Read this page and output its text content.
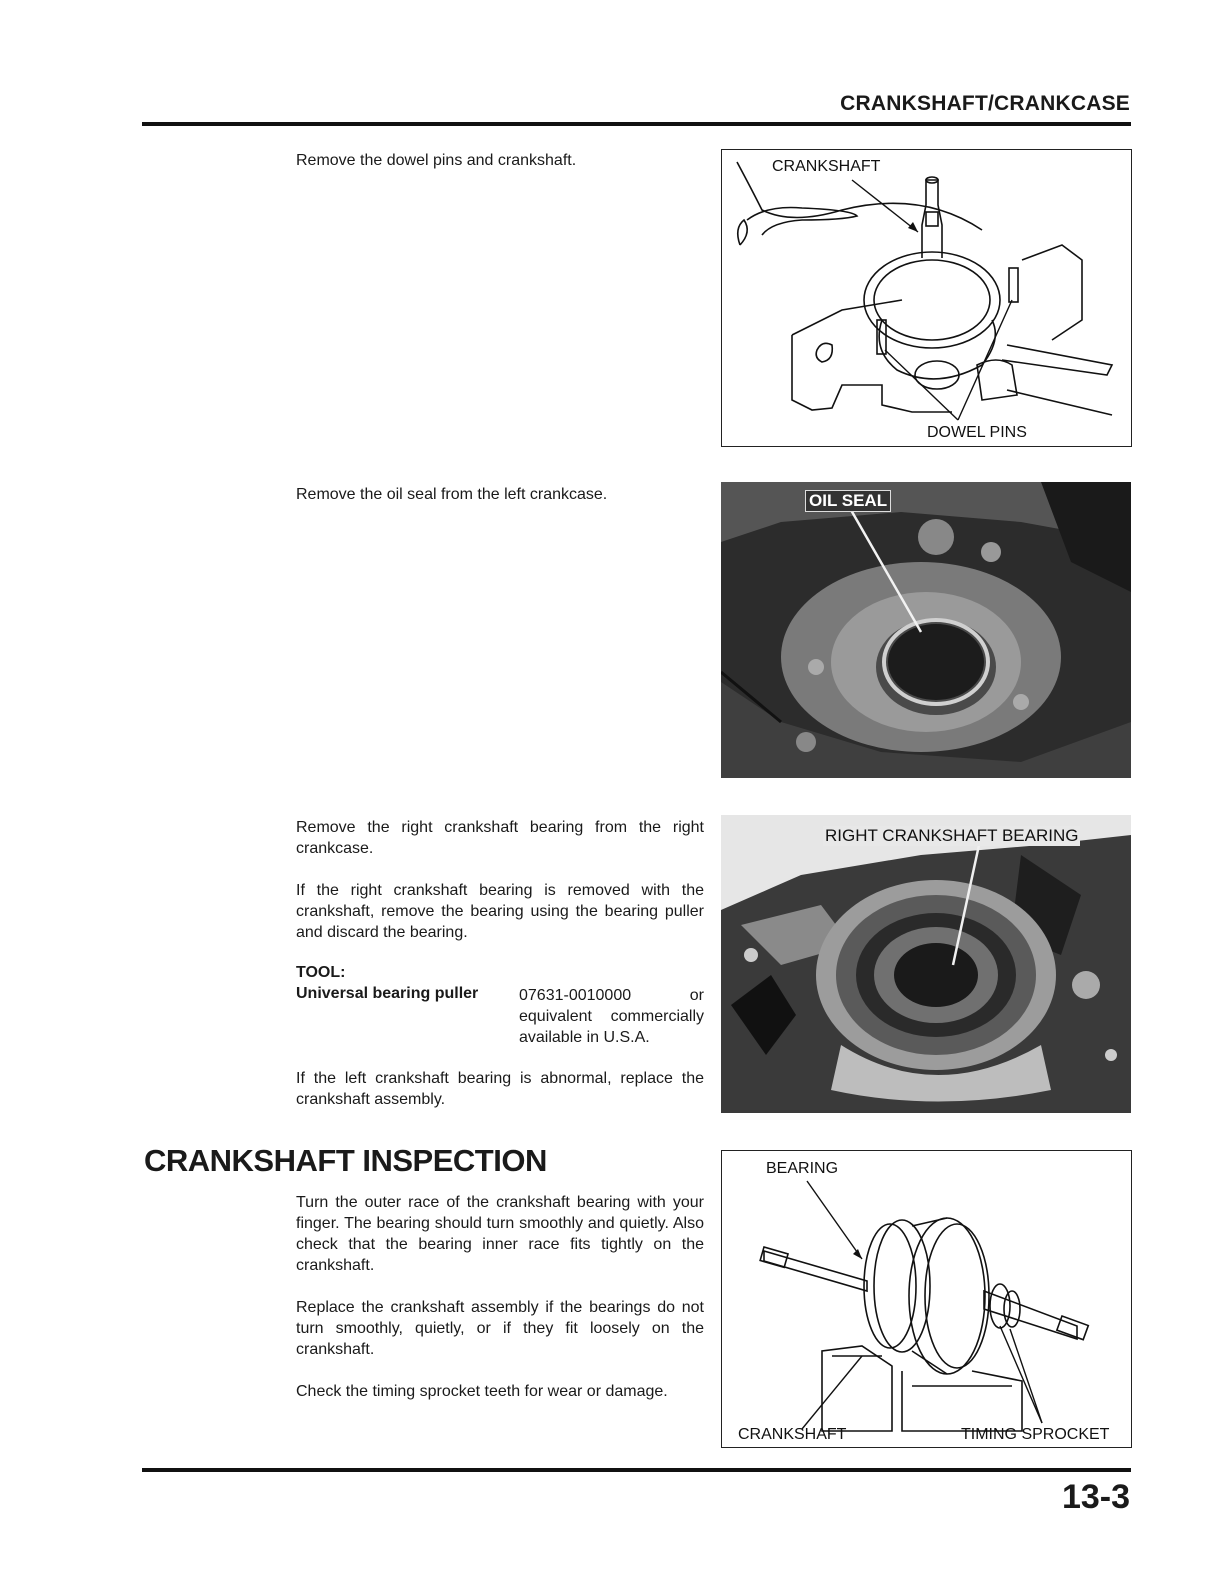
CRANKSHAFT/CRANKCASE
Remove the dowel pins and crankshaft.	CRANKSHAFT
DOWEL PINS
Remove the oil seal from the left crankcase.	OIL SEAL
Remove the right crankshaft bearing from the right crankcase.
If the right crankshaft bearing is removed with the crankshaft, remove the bearing using the bearing puller and discard the bearing.
TOOL:
Universal bearing puller	07631-0010000 or equivalent commercially available in U.S.A.
If the left crankshaft bearing is abnormal, replace the crankshaft assembly.
RIGHT CRANKSHAFT BEARING
CRANKSHAFT INSPECTION
Turn the outer race of the crankshaft bearing with your finger. The bearing should turn smoothly and quietly. Also check that the bearing inner race fits tightly on the crankshaft.
Replace the crankshaft assembly if the bearings do not turn smoothly, quietly, or if they fit loosely on the crankshaft.
Check the timing sprocket teeth for wear or damage.
BEARING
CRANKSHAFT	TIMING SPROCKET
13-3
